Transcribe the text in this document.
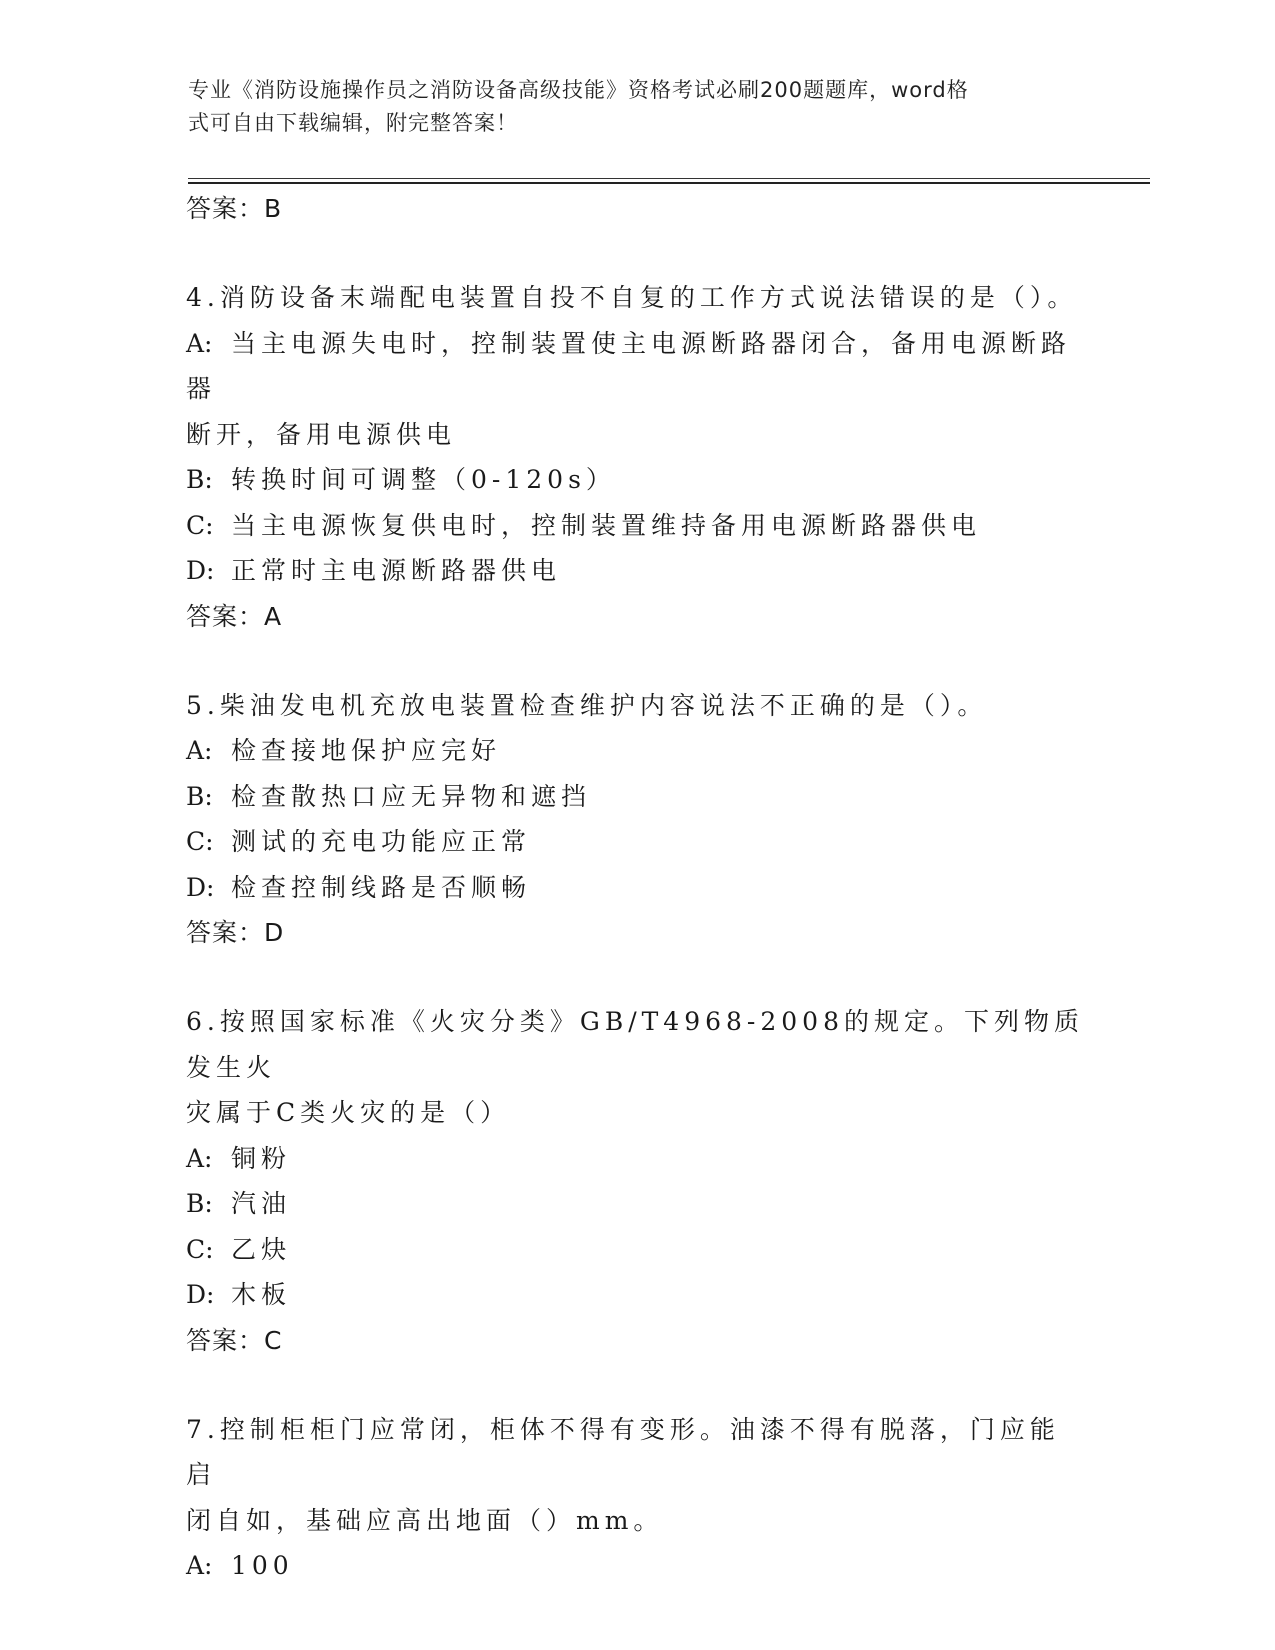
专业《消防设施操作员之消防设备高级技能》资格考试必刷200题题库，word格
式可自由下载编辑，附完整答案！
答案：B
4.消防设备末端配电装置自投不自复的工作方式说法错误的是（）。
A: 当主电源失电时，控制装置使主电源断路器闭合，备用电源断路器
断开，备用电源供电
B: 转换时间可调整（0-120s）
C: 当主电源恢复供电时，控制装置维持备用电源断路器供电
D: 正常时主电源断路器供电
答案：A
5.柴油发电机充放电装置检查维护内容说法不正确的是（）。
A: 检查接地保护应完好
B: 检查散热口应无异物和遮挡
C: 测试的充电功能应正常
D: 检查控制线路是否顺畅
答案：D
6.按照国家标准《火灾分类》GB/T4968-2008的规定。下列物质发生火
灾属于C类火灾的是（）
A: 铜粉
B: 汽油
C: 乙炔
D: 木板
答案：C
7.控制柜柜门应常闭，柜体不得有变形。油漆不得有脱落，门应能启
闭自如，基础应高出地面（）mm。
A: 100
